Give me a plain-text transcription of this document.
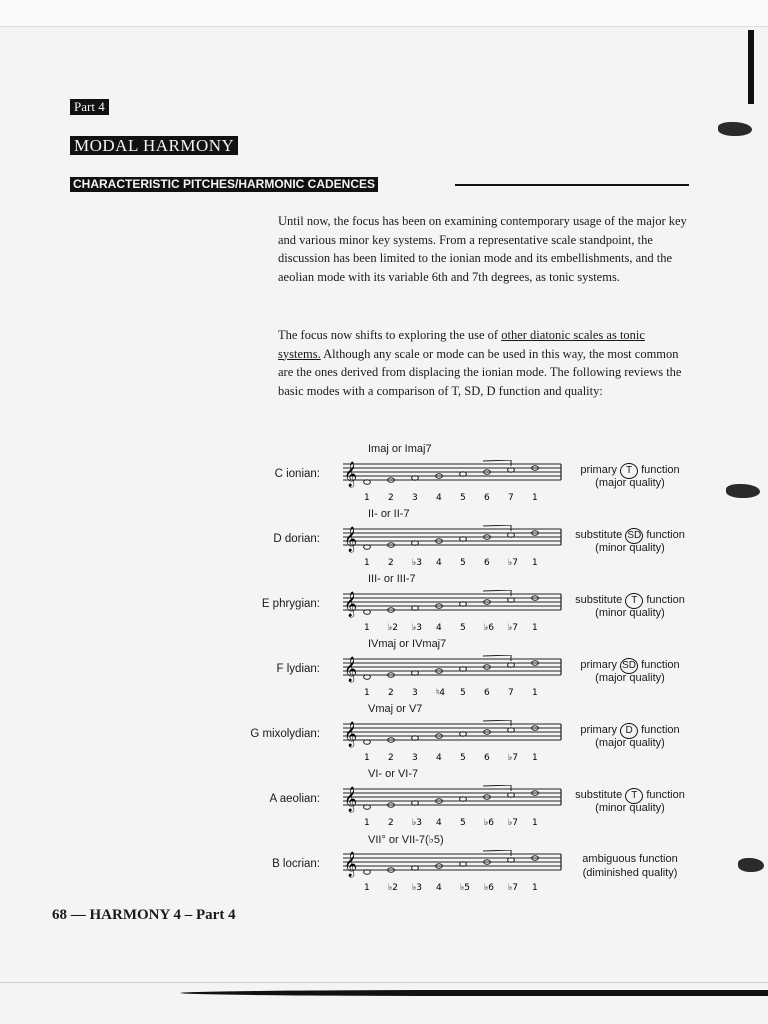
Part 4
MODAL HARMONY
CHARACTERISTIC PITCHES/HARMONIC CADENCES

Until now, the focus has been on examining contemporary usage of the major key and various minor key systems. From a representative scale standpoint, the discussion has been limited to the ionian mode and its embellishments, and the aeolian mode with its variable 6th and 7th degrees, as tonic systems.

The focus now shifts to exploring the use of other diatonic scales as tonic systems. Although any scale or mode can be used in this way, the most common are the ones derived from displacing the ionian mode. The following reviews the basic modes with a comparison of T, SD, D function and quality:

Imaj or Imaj7
C ionian: 𝄞
1 2 3 4 5 6 7 1
primary T function
(major quality)
II- or II-7
D dorian: 𝄞
1 2 ♭3 4 5 6 ♭7 1
substitute SD function
(minor quality)
III- or III-7
E phrygian: 𝄞
1 ♭2 ♭3 4 5 ♭6 ♭7 1
substitute T function
(minor quality)
IVmaj or IVmaj7
F lydian: 𝄞
1 2 3 ♮4 5 6 7 1
primary SD function
(major quality)
Vmaj or V7
G mixolydian: 𝄞
1 2 3 4 5 6 ♭7 1
primary D function
(major quality)
VI- or VI-7
A aeolian: 𝄞
1 2 ♭3 4 5 ♭6 ♭7 1
substitute T function
(minor quality)
VII° or VII-7(♭5)
B locrian: 𝄞
1 ♭2 ♭3 4 ♭5 ♭6 ♭7 1
ambiguous function
(diminished quality)
68 — HARMONY 4 – Part 4
